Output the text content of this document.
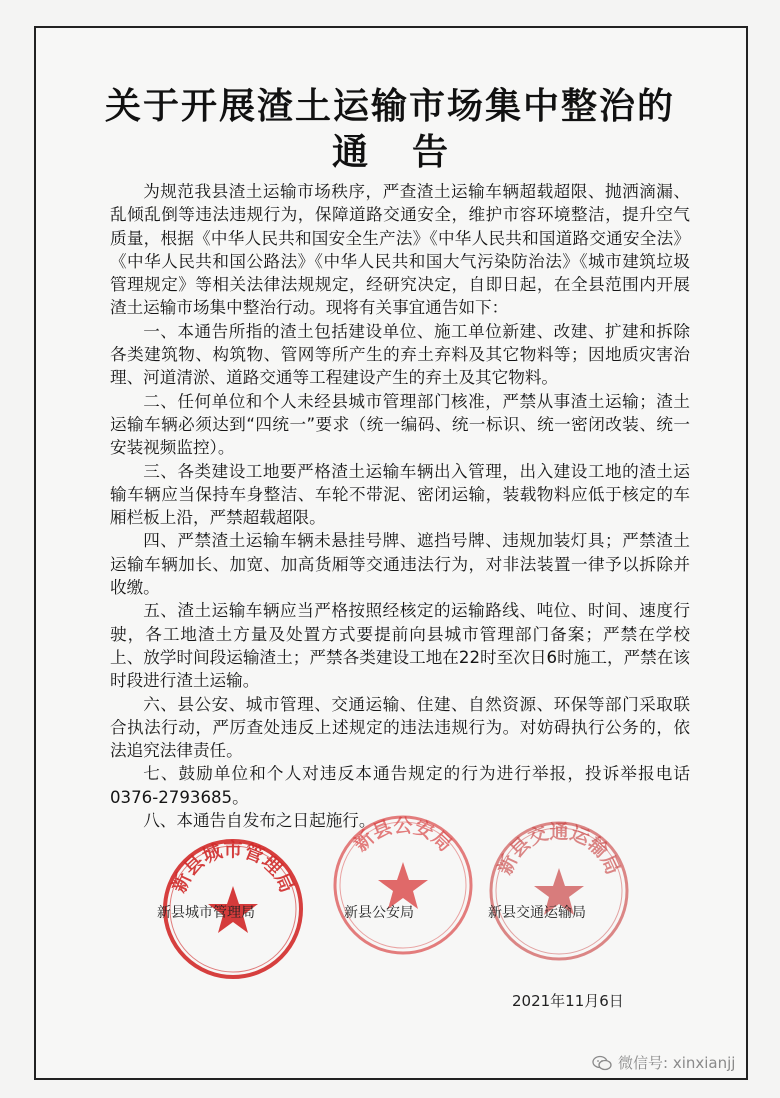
关于开展渣土运输市场集中整治的
通告

为规范我县渣土运输市场秩序，严查渣土运输车辆超载超限、抛洒滴漏、乱倾乱倒等违法违规行为，保障道路交通安全，维护市容环境整洁，提升空气质量，根据《中华人民共和国安全生产法》《中华人民共和国道路交通安全法》《中华人民共和国公路法》《中华人民共和国大气污染防治法》《城市建筑垃圾管理规定》等相关法律法规规定，经研究决定，自即日起，在全县范围内开展渣土运输市场集中整治行动。现将有关事宜通告如下：

一、本通告所指的渣土包括建设单位、施工单位新建、改建、扩建和拆除各类建筑物、构筑物、管网等所产生的弃土弃料及其它物料等；因地质灾害治理、河道清淤、道路交通等工程建设产生的弃土及其它物料。

二、任何单位和个人未经县城市管理部门核准，严禁从事渣土运输；渣土运输车辆必须达到“四统一”要求（统一编码、统一标识、统一密闭改装、统一安装视频监控）。

三、各类建设工地要严格渣土运输车辆出入管理，出入建设工地的渣土运输车辆应当保持车身整洁、车轮不带泥、密闭运输，装载物料应低于核定的车厢栏板上沿，严禁超载超限。

四、严禁渣土运输车辆未悬挂号牌、遮挡号牌、违规加装灯具；严禁渣土运输车辆加长、加宽、加高货厢等交通违法行为，对非法装置一律予以拆除并收缴。

五、渣土运输车辆应当严格按照经核定的运输路线、吨位、时间、速度行驶，各工地渣土方量及处置方式要提前向县城市管理部门备案；严禁在学校上、放学时间段运输渣土；严禁各类建设工地在22时至次日6时施工，严禁在该时段进行渣土运输。

六、县公安、城市管理、交通运输、住建、自然资源、环保等部门采取联合执法行动，严厉查处违反上述规定的违法违规行为。对妨碍执行公务的，依法追究法律责任。

七、鼓励单位和个人对违反本通告规定的行为进行举报，投诉举报电话0376-2793685。

八、本通告自发布之日起施行。

新县城市管理局
新县城市管理局
新县公安局
新县公安局
新县交通运输局
新县交通运输局
2021年11月6日
微信号: xinxianjj
